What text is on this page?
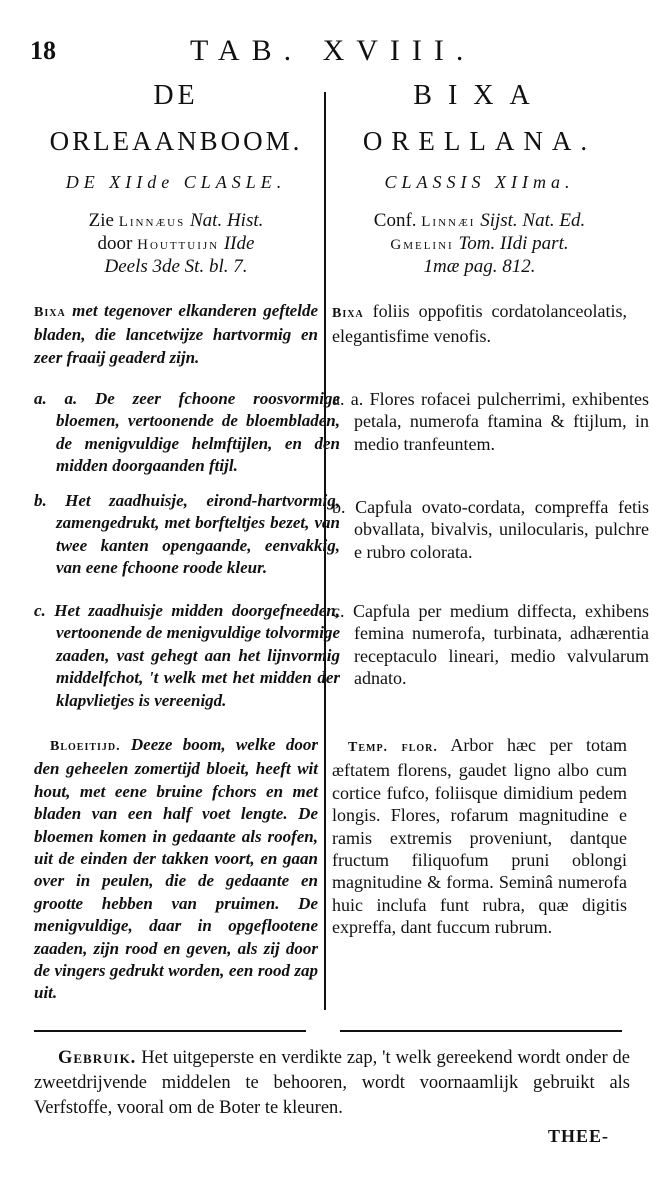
18	TAB. XVIII.
DE
ORLEAANBOOM.
DE XIIde CLASLE.
Zie Linnæus Nat. Hist.
door Houttuijn IIde
Deels 3de St. bl. 7.
Bixa met tegenover elkanderen geftelde bladen, die lancetwijze hartvormig en zeer fraaij geaderd zijn.
a. a. De zeer fchoone roosvormige bloemen, vertoonende de bloembladen, de menigvuldige helmftijlen, en den midden doorgaanden ftijl.
b. Het zaadhuisje, eirond-hartvormig, zamengedrukt, met borfteltjes bezet, van twee kanten opengaande, eenvakkig, van eene fchoone roode kleur.
c. Het zaadhuisje midden doorgefneeden, vertoonende de menigvuldige tolvormige zaaden, vast gehegt aan het lijnvormig middelfchot, 't welk met het midden der klapvlietjes is vereenigd.
Bloeitijd. Deeze boom, welke door den geheelen zomertijd bloeit, heeft wit hout, met eene bruine fchors en met bladen van een half voet lengte. De bloemen komen in gedaante als roofen, uit de einden der takken voort, en gaan over in peulen, die de gedaante en grootte hebben van pruimen. De menigvuldige, daar in opgeflootene zaaden, zijn rood en geven, als zij door de vingers gedrukt worden, een rood zap uit.
BIXA
ORELLANA.
CLASSIS XIIma.
Conf. Linnæi Sijst. Nat. Ed.
Gmelini Tom. IIdi part.
1mæ pag. 812.
Bixa foliis oppofitis cordatolanceolatis, elegantisfime venofis.
a. a. Flores rofacei pulcherrimi, exhibentes petala, numerofa ftamina & ftijlum, in medio tranfeuntem.
b. Capfula ovato-cordata, compreffa fetis obvallata, bivalvis, unilocularis, pulchre e rubro colorata.
c. Capfula per medium diffecta, exhibens femina numerofa, turbinata, adhærentia receptaculo lineari, medio valvularum adnato.
Temp. flor. Arbor hæc per totam æftatem florens, gaudet ligno albo cum cortice fufco, foliisque dimidium pedem longis. Flores, rofarum magnitudine e ramis extremis proveniunt, dantque fructum filiquofum pruni oblongi magnitudine & forma. Seminâ numerofa huic inclufa funt rubra, quæ digitis expreffa, dant fuccum rubrum.
Gebruik. Het uitgeperste en verdikte zap, 't welk gereekend wordt onder de zweetdrijvende middelen te behooren, wordt voornaamlijk gebruikt als Verfstoffe, vooral om de Boter te kleuren.
THEE-
